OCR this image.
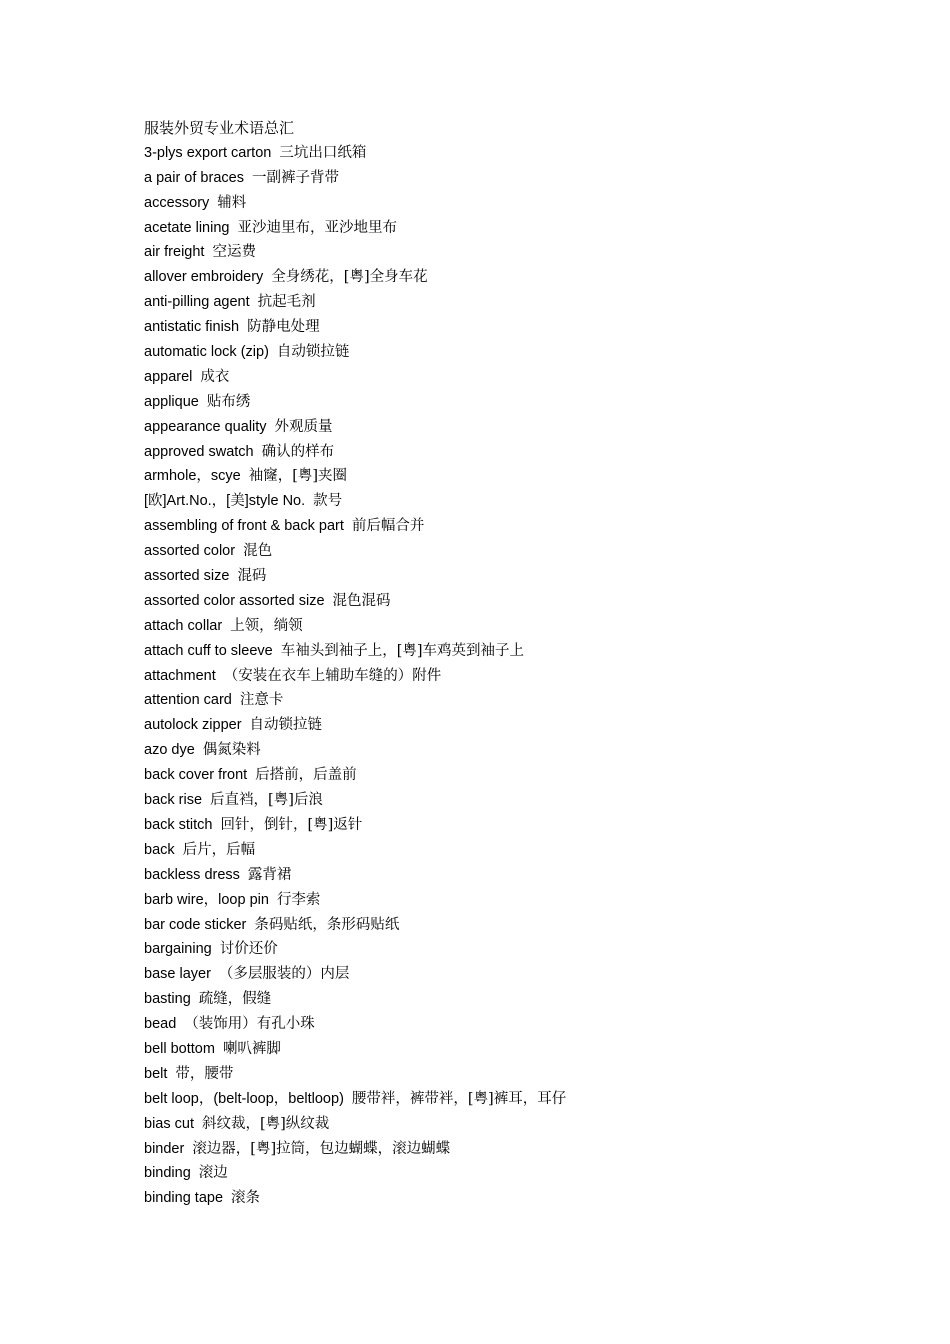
服装外贸专业术语总汇
3-plys export carton 三坑出口纸箱
a pair of braces 一副裤子背带
accessory 辅料
acetate lining 亚沙迪里布，亚沙地里布
air freight 空运费
allover embroidery 全身绣花，[粤]全身车花
anti-pilling agent 抗起毛剂
antistatic finish 防静电处理
automatic lock (zip) 自动锁拉链
apparel 成衣
applique 贴布绣
appearance quality 外观质量
approved swatch 确认的样布
armhole，scye 袖窿，[粤]夹圈
[欧]Art.No.，[美]style No. 款号
assembling of front & back part 前后幅合并
assorted color 混色
assorted size 混码
assorted color assorted size 混色混码
attach collar 上领，绱领
attach cuff to sleeve 车袖头到袖子上，[粤]车鸡英到袖子上
attachment （安装在衣车上辅助车缝的）附件
attention card 注意卡
autolock zipper 自动锁拉链
azo dye 偶氮染料
back cover front 后搭前，后盖前
back rise 后直裆，[粤]后浪
back stitch 回针，倒针，[粤]返针
back 后片，后幅
backless dress 露背裙
barb wire，loop pin 行李索
bar code sticker 条码贴纸，条形码贴纸
bargaining 讨价还价
base layer （多层服装的）内层
basting 疏缝，假缝
bead （装饰用）有孔小珠
bell bottom 喇叭裤脚
belt 带，腰带
belt loop，(belt-loop，beltloop) 腰带袢，裤带袢，[粤]裤耳，耳仔
bias cut 斜纹裁，[粤]纵纹裁
binder 滚边器，[粤]拉筒，包边蝴蝶，滚边蝴蝶
binding 滚边
binding tape 滚条
